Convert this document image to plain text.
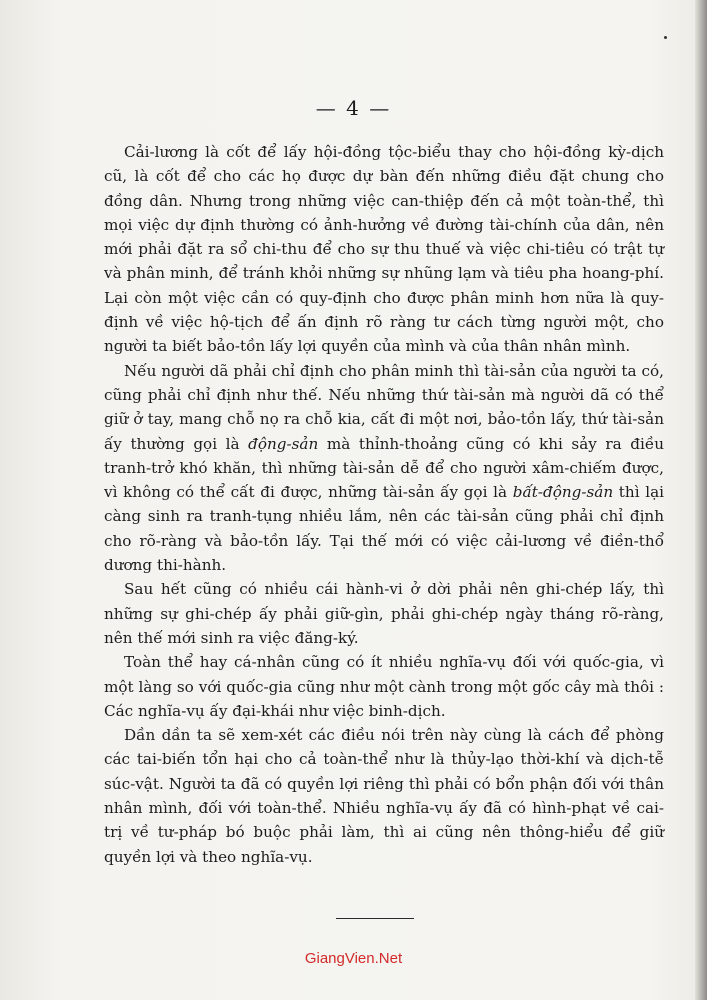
— 4 —

Cải-lương là cốt để lấy hội-đồng tộc-biểu thay cho hội-đồng kỳ-dịch cũ, là cốt để cho các họ được dự bàn đến những điều đặt chung cho đồng dân. Nhưng trong những việc can-thiệp đến cả một toàn-thể, thì mọi việc dự định thường có ảnh-hưởng về đường tài-chính của dân, nên mới phải đặt ra sổ chi-thu để cho sự thu thuế và việc chi-tiêu có trật tự và phân minh, để tránh khỏi những sự nhũng lạm và tiêu pha hoang-phí. Lại còn một việc cần có quy-định cho được phân minh hơn nữa là quy-định về việc hộ-tịch để ấn định rõ ràng tư cách từng người một, cho người ta biết bảo-tồn lấy lợi quyền của mình và của thân nhân mình.

Nếu người dã phải chỉ định cho phân minh thì tài-sản của người ta có, cũng phải chỉ định như thế. Nếu những thứ tài-sản mà người dã có thể giữ ở tay, mang chỗ nọ ra chỗ kia, cất đi một nơi, bảo-tồn lấy, thứ tài-sản ấy thường gọi là động-sản mà thỉnh-thoảng cũng có khi sảy ra điều tranh-trở khó khăn, thì những tài-sản dễ để cho người xâm-chiếm được, vì không có thể cất đi được, những tài-sản ấy gọi là bất-động-sản thì lại càng sinh ra tranh-tụng nhiều lắm, nên các tài-sản cũng phải chỉ định cho rõ-ràng và bảo-tồn lấy. Tại thế mới có việc cải-lương về điền-thổ dương thi-hành.

Sau hết cũng có nhiều cái hành-vi ở dời phải nên ghi-chép lấy, thì những sự ghi-chép ấy phải giữ-gìn, phải ghi-chép ngày tháng rõ-ràng, nên thế mới sinh ra việc đăng-ký.

Toàn thể hay cá-nhân cũng có ít nhiều nghĩa-vụ đối với quốc-gia, vì một làng so với quốc-gia cũng như một cành trong một gốc cây mà thôi : Các nghĩa-vụ ấy đại-khái như việc binh-dịch.

Dần dần ta sẽ xem-xét các điều nói trên này cùng là cách để phòng các tai-biến tổn hại cho cả toàn-thể như là thủy-lạo thời-khí và dịch-tễ súc-vật. Người ta đã có quyền lợi riêng thì phải có bổn phận đối với thân nhân mình, đối với toàn-thể. Nhiều nghĩa-vụ ấy đã có hình-phạt về cai-trị về tư-pháp bó buộc phải làm, thì ai cũng nên thông-hiểu để giữ quyền lợi và theo nghĩa-vụ.

GiangVien.Net
